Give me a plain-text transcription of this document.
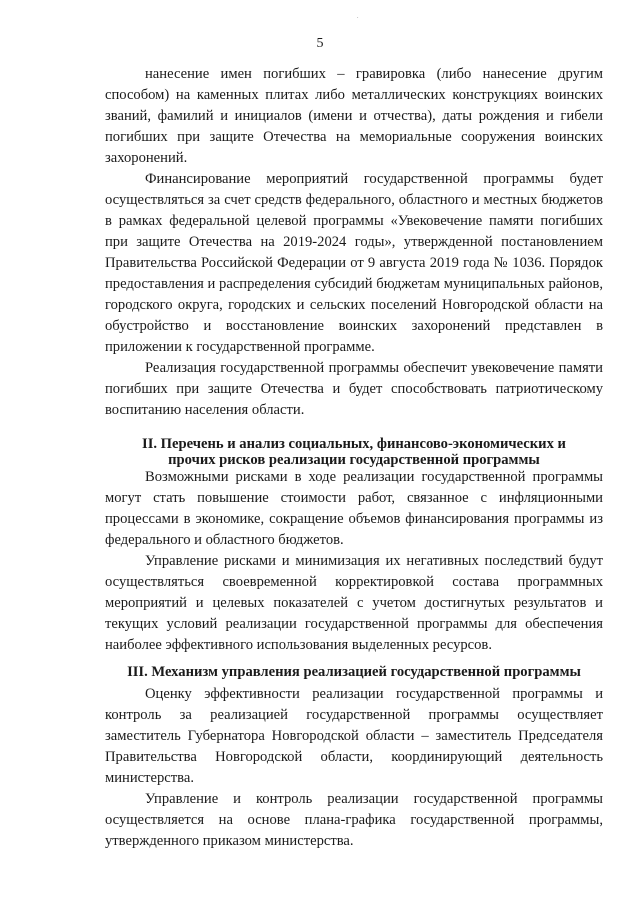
.
5

нанесение имен погибших – гравировка (либо нанесение другим способом) на каменных плитах либо металлических конструкциях воинских званий, фамилий и инициалов (имени и отчества), даты рождения и гибели погибших при защите Отечества на мемориальные сооружения воинских захоронений.

Финансирование мероприятий государственной программы будет осуществляться за счет средств федерального, областного и местных бюджетов в рамках федеральной целевой программы «Увековечение памяти погибших при защите Отечества на 2019-2024 годы», утвержденной постановлением Правительства Российской Федерации от 9 августа 2019 года № 1036. Порядок предоставления и распределения субсидий бюджетам муниципальных районов, городского округа, городских и сельских поселений Новгородской области на обустройство и восстановление воинских захоронений представлен в приложении к государственной программе.

Реализация государственной программы обеспечит увековечение памяти погибших при защите Отечества и будет способствовать патриотическому воспитанию населения области.

II. Перечень и анализ социальных, финансово-экономических и
прочих рисков реализации государственной программы

Возможными рисками в ходе реализации государственной программы могут стать повышение стоимости работ, связанное с инфляционными процессами в экономике, сокращение объемов финансирования программы из федерального и областного бюджетов.

Управление рисками и минимизация их негативных последствий будут осуществляться своевременной корректировкой состава программных мероприятий и целевых показателей с учетом достигнутых результатов и текущих условий реализации государственной программы для обеспечения наиболее эффективного использования выделенных ресурсов.

III. Механизм управления реализацией государственной программы

Оценку эффективности реализации государственной программы и контроль за реализацией государственной программы осуществляет заместитель Губернатора Новгородской области – заместитель Председателя Правительства Новгородской области, координирующий деятельность министерства.

Управление и контроль реализации государственной программы осуществляется на основе плана-графика государственной программы, утвержденного приказом министерства.
